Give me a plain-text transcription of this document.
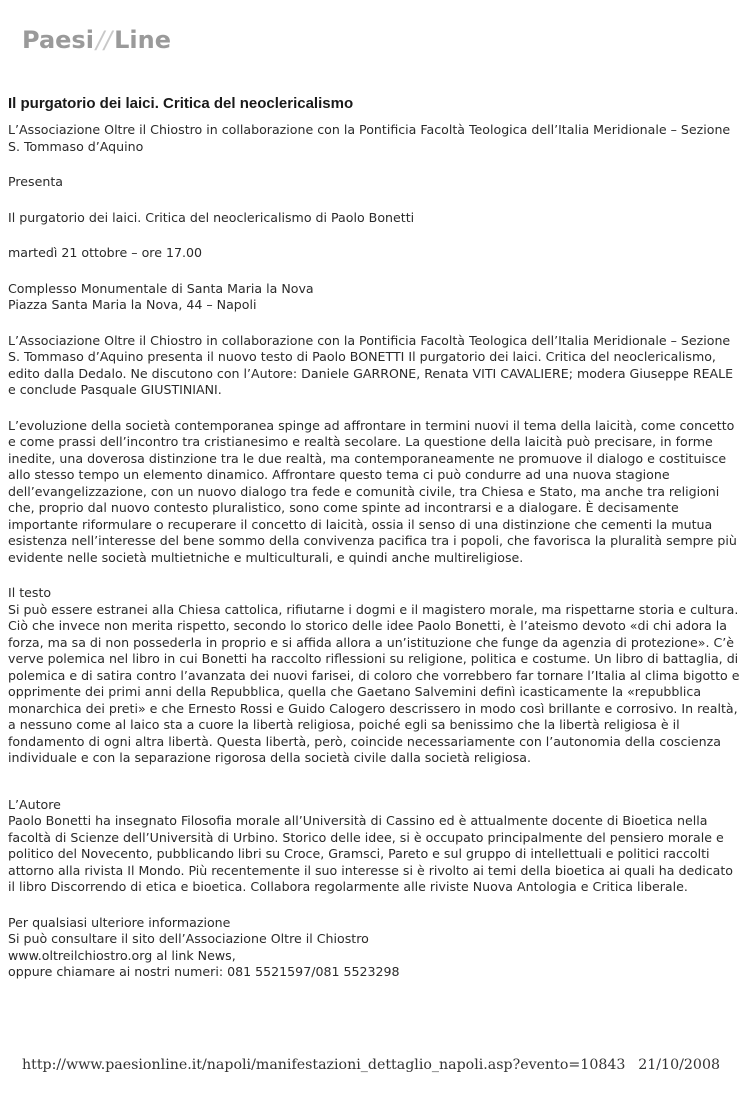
Paesi//Line
Il purgatorio dei laici. Critica del neoclericalismo

L’Associazione Oltre il Chiostro in collaborazione con la Pontificia Facoltà Teologica dell’Italia Meridionale – Sezione S. Tommaso d’Aquino

Presenta

Il purgatorio dei laici. Critica del neoclericalismo di Paolo Bonetti

martedì 21 ottobre – ore 17.00

Complesso Monumentale di Santa Maria la Nova

Piazza Santa Maria la Nova, 44 – Napoli

L’Associazione Oltre il Chiostro in collaborazione con la Pontificia Facoltà Teologica dell’Italia Meridionale – Sezione S. Tommaso d’Aquino presenta il nuovo testo di Paolo BONETTI Il purgatorio dei laici. Critica del neoclericalismo, edito dalla Dedalo. Ne discutono con l’Autore: Daniele GARRONE, Renata VITI CAVALIERE; modera Giuseppe REALE e conclude Pasquale GIUSTINIANI.

L’evoluzione della società contemporanea spinge ad affrontare in termini nuovi il tema della laicità, come concetto e come prassi dell’incontro tra cristianesimo e realtà secolare. La questione della laicità può precisare, in forme inedite, una doverosa distinzione tra le due realtà, ma contemporaneamente ne promuove il dialogo e costituisce allo stesso tempo un elemento dinamico. Affrontare questo tema ci può condurre ad una nuova stagione dell’evangelizzazione, con un nuovo dialogo tra fede e comunità civile, tra Chiesa e Stato, ma anche tra religioni che, proprio dal nuovo contesto pluralistico, sono come spinte ad incontrarsi e a dialogare. È decisamente importante riformulare o recuperare il concetto di laicità, ossia il senso di una distinzione che cementi la mutua esistenza nell’interesse del bene sommo della convivenza pacifica tra i popoli, che favorisca la pluralità sempre più evidente nelle società multietniche e multiculturali, e quindi anche multireligiose.

Il testo

Si può essere estranei alla Chiesa cattolica, rifiutarne i dogmi e il magistero morale, ma rispettarne storia e cultura. Ciò che invece non merita rispetto, secondo lo storico delle idee Paolo Bonetti, è l’ateismo devoto «di chi adora la forza, ma sa di non possederla in proprio e si affida allora a un’istituzione che funge da agenzia di protezione». C’è verve polemica nel libro in cui Bonetti ha raccolto riflessioni su religione, politica e costume. Un libro di battaglia, di polemica e di satira contro l’avanzata dei nuovi farisei, di coloro che vorrebbero far tornare l’Italia al clima bigotto e opprimente dei primi anni della Repubblica, quella che Gaetano Salvemini definì icasticamente la «repubblica monarchica dei preti» e che Ernesto Rossi e Guido Calogero descrissero in modo così brillante e corrosivo. In realtà, a nessuno come al laico sta a cuore la libertà religiosa, poiché egli sa benissimo che la libertà religiosa è il fondamento di ogni altra libertà. Questa libertà, però, coincide necessariamente con l’autonomia della coscienza individuale e con la separazione rigorosa della società civile dalla società religiosa.

L’Autore

Paolo Bonetti ha insegnato Filosofia morale all’Università di Cassino ed è attualmente docente di Bioetica nella facoltà di Scienze dell’Università di Urbino. Storico delle idee, si è occupato principalmente del pensiero morale e politico del Novecento, pubblicando libri su Croce, Gramsci, Pareto e sul gruppo di intellettuali e politici raccolti attorno alla rivista Il Mondo. Più recentemente il suo interesse si è rivolto ai temi della bioetica ai quali ha dedicato il libro Discorrendo di etica e bioetica. Collabora regolarmente alle riviste Nuova Antologia e Critica liberale.

Per qualsiasi ulteriore informazione

Si può consultare il sito dell’Associazione Oltre il Chiostro

www.oltreilchiostro.org al link News,

oppure chiamare ai nostri numeri: 081 5521597/081 5523298

http://www.paesionline.it/napoli/manifestazioni_dettaglio_napoli.asp?evento=10843 21/10/2008
